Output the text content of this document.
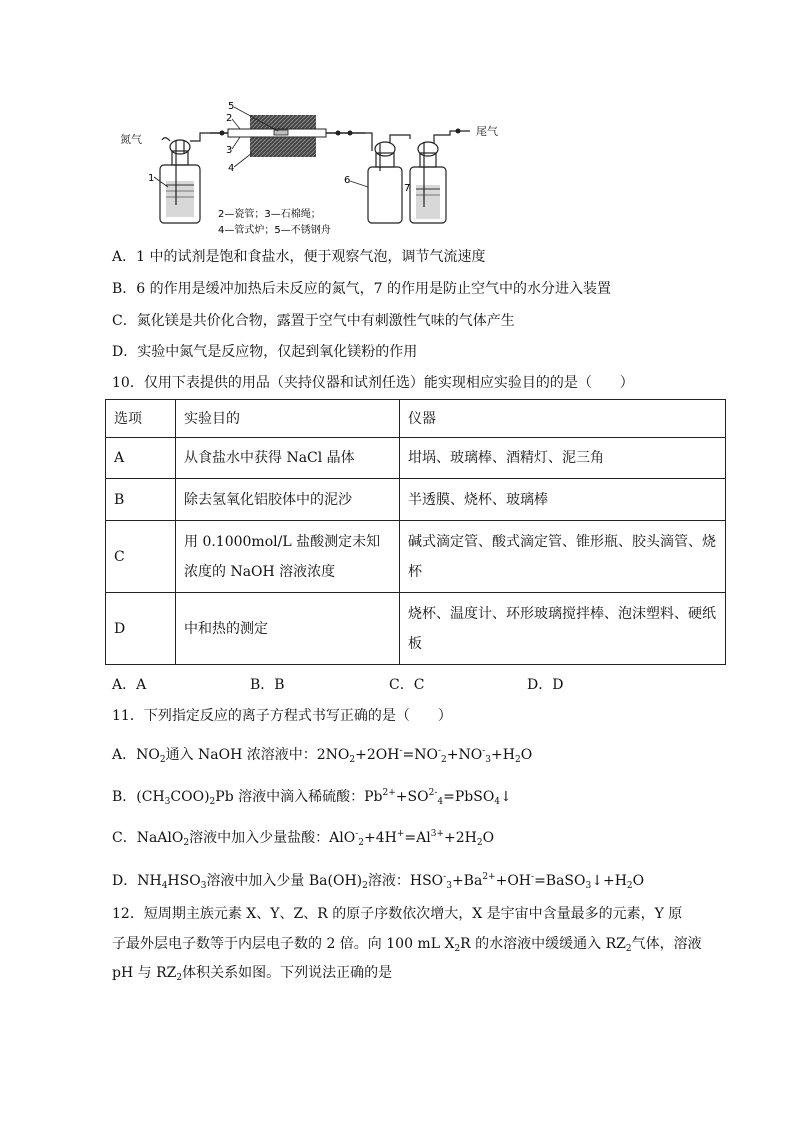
氮气
尾气
1
5
2
3
4
6
7
2—瓷管；3—石棉绳；
4—管式炉；5—不锈钢舟
A．1 中的试剂是饱和食盐水，便于观察气泡，调节气流速度
B．6 的作用是缓冲加热后未反应的氮气，7 的作用是防止空气中的水分进入装置
C．氮化镁是共价化合物，露置于空气中有刺激性气味的气体产生
D．实验中氮气是反应物，仅起到氧化镁粉的作用
10．仅用下表提供的用品（夹持仪器和试剂任选）能实现相应实验目的的是（　　）
选项	实验目的	仪器
A	从食盐水中获得 NaCl 晶体	坩埚、玻璃棒、酒精灯、泥三角
B	除去氢氧化铝胶体中的泥沙	半透膜、烧杯、玻璃棒
C	用 0.1000mol/L 盐酸测定未知浓度的 NaOH 溶液浓度	碱式滴定管、酸式滴定管、锥形瓶、胶头滴管、烧杯
D	中和热的测定	烧杯、温度计、环形玻璃搅拌棒、泡沫塑料、硬纸板
A．A	B．B	C．C	D．D
11．下列指定反应的离子方程式书写正确的是（　　）
A．$NO_2$通入 NaOH 浓溶液中：$2NO_2+2OH^-=NO^-_2+NO^-_3+H_2O$
B．$(CH_3COO)_2Pb$ 溶液中滴入稀硫酸：$Pb^{2+}+SO^{2-}_4=PbSO_4↓$
C．NaAlO$_2$溶液中加入少量盐酸：$AlO^-_2+4H^+=Al^{3+}+2H_2O$
D．$NH_4HSO_3$溶液中加入少量 $Ba(OH)_2$溶液：$HSO^-_3+Ba^{2+}+OH^-=BaSO_3↓+H_2O$
12．短周期主族元素 X、Y、Z、R 的原子序数依次增大，X 是宇宙中含量最多的元素，Y 原
子最外层电子数等于内层电子数的 2 倍。向 100 mL $X_2R$ 的水溶液中缓缓通入 $RZ_2$气体，溶液
pH 与 $RZ_2$体积关系如图。下列说法正确的是
